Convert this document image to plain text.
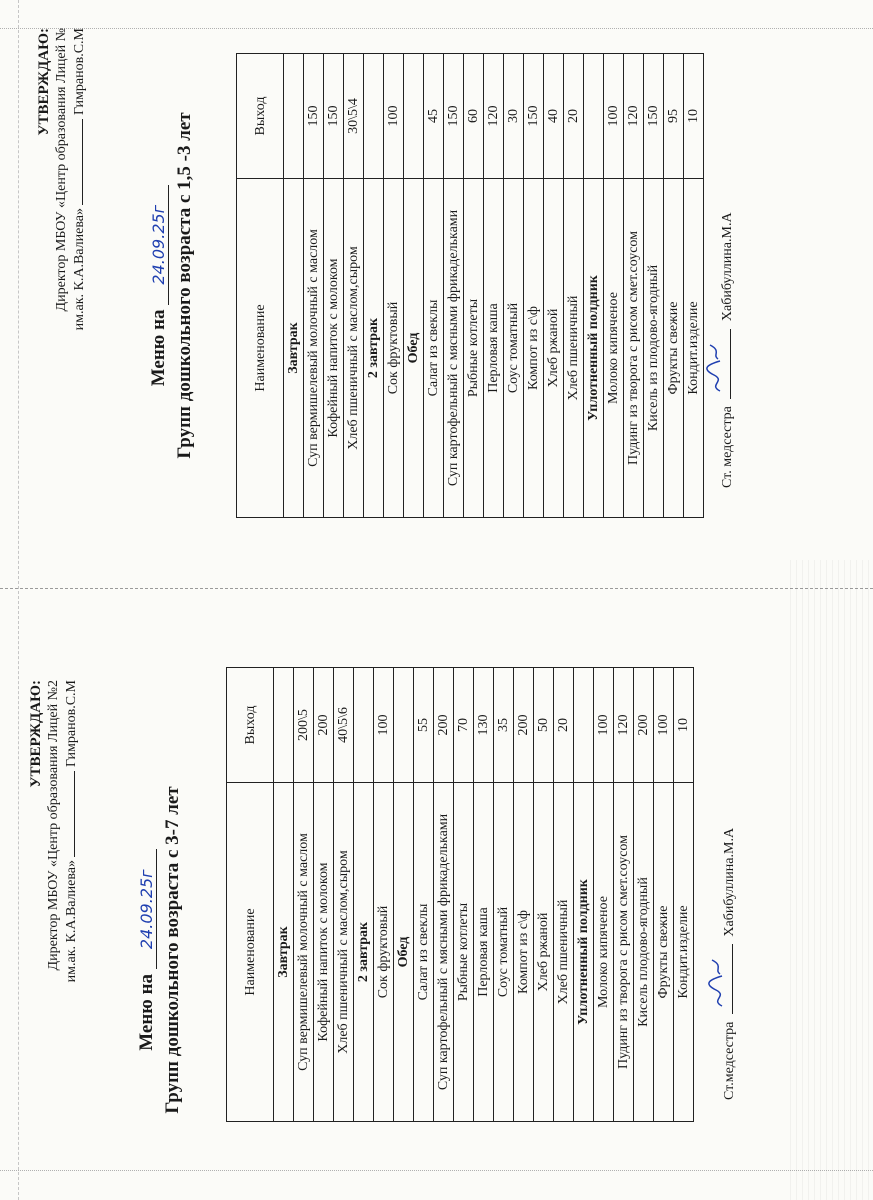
УТВЕРЖДАЮ: Директор МБОУ «Центр образования Лицей № им.ак. К.А.Валиева»  Гимранов.С.М
Меню на 24.09.25г Групп дошкольного возраста с 1,5 -3 лет	Наименование	Выход
Завтрак	
Суп вермишелевый молочный с маслом	150
Кофейный напиток с молоком	150
Хлеб пшеничный с маслом,сыром	30\5\4
2 завтрак	
Сок фруктовый	100
Обед	
Салат из свеклы	45
Суп картофельный с мясными фрикадельками	150
Рыбные котлеты	60
Перловая каша	120
Соус томатный	30
Компот из с\ф	150
Хлеб ржаной	40
Хлеб пшеничный	20
Уплотненный полдник	
Молоко кипяченое	100
Пудинг из творога с рисом смет.соусом	120
Кисель из плодово-ягодный	150
Фрукты свежие	95
Кондит.изделие	10
Ст. медсестра
Хабибуллина.М.А
УТВЕРЖДАЮ: Директор МБОУ «Центр образования Лицей №2 им.ак. К.А.Валиева»  Гимранов.С.М
Меню на 24.09.25г Групп дошкольного возраста с 3-7 лет	Наименование	Выход
Завтрак	
Суп вермишелевый молочный с маслом	200\5
Кофейный напиток с молоком	200
Хлеб пшеничный с маслом,сыром	40\5\6
2 завтрак	
Сок фруктовый	100
Обед	
Салат из свеклы	55
Суп картофельный с мясными фрикадельками	200
Рыбные котлеты	70
Перловая каша	130
Соус томатный	35
Компот из с\ф	200
Хлеб ржаной	50
Хлеб пшеничный	20
Уплотненный полдник	
Молоко кипяченое	100
Пудинг из творога с рисом смет.соусом	120
Кисель плодово-ягодный	200
Фрукты свежие	100
Кондит.изделие	10
Ст.медсестра
Хабибуллина.М.А
